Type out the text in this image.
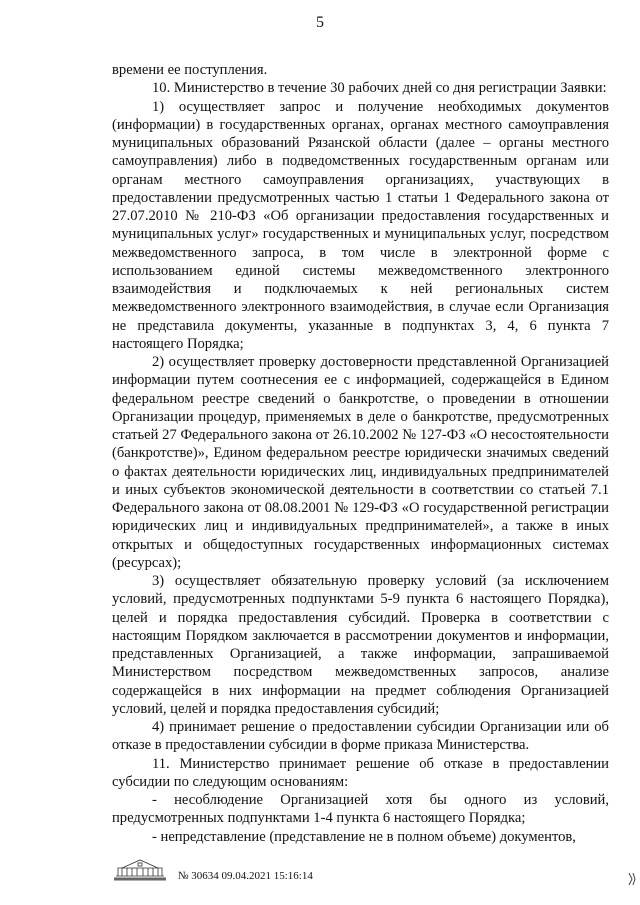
5

времени ее поступления.

10. Министерство в течение 30 рабочих дней со дня регистрации Заявки:

1) осуществляет запрос и получение необходимых документов (информации) в государственных органах, органах местного самоуправления муниципальных образований Рязанской области (далее – органы местного самоуправления) либо в подведомственных государственным органам или органам местного самоуправления организациях, участвующих в предоставлении предусмотренных частью 1 статьи 1 Федерального закона от 27.07.2010 № 210-ФЗ «Об организации предоставления государственных и муниципальных услуг» государственных и муниципальных услуг, посредством межведомственного запроса, в том числе в электронной форме с использованием единой системы межведомственного электронного взаимодействия и подключаемых к ней региональных систем межведомственного электронного взаимодействия, в случае если Организация не представила документы, указанные в подпунктах 3, 4, 6 пункта 7 настоящего Порядка;

2) осуществляет проверку достоверности представленной Организацией информации путем соотнесения ее с информацией, содержащейся в Едином федеральном реестре сведений о банкротстве, о проведении в отношении Организации процедур, применяемых в деле о банкротстве, предусмотренных статьей 27 Федерального закона от 26.10.2002 № 127-ФЗ «О несостоятельности (банкротстве)», Едином федеральном реестре юридически значимых сведений о фактах деятельности юридических лиц, индивидуальных предпринимателей и иных субъектов экономической деятельности в соответствии со статьей 7.1 Федерального закона от 08.08.2001 № 129-ФЗ «О государственной регистрации юридических лиц и индивидуальных предпринимателей», а также в иных открытых и общедоступных государственных информационных системах (ресурсах);

3) осуществляет обязательную проверку условий (за исключением условий, предусмотренных подпунктами 5-9 пункта 6 настоящего Порядка), целей и порядка предоставления субсидий. Проверка в соответствии с настоящим Порядком заключается в рассмотрении документов и информации, представленных Организацией, а также информации, запрашиваемой Министерством посредством межведомственных запросов, анализе содержащейся в них информации на предмет соблюдения Организацией условий, целей и порядка предоставления субсидий;

4) принимает решение о предоставлении субсидии Организации или об отказе в предоставлении субсидии в форме приказа Министерства.

11. Министерство принимает решение об отказе в предоставлении субсидии по следующим основаниям:

- несоблюдение Организацией хотя бы одного из условий, предусмотренных подпунктами 1-4 пункта 6 настоящего Порядка;

- непредставление (представление не в полном объеме) документов,

№ 30634 09.04.2021 15:16:14
